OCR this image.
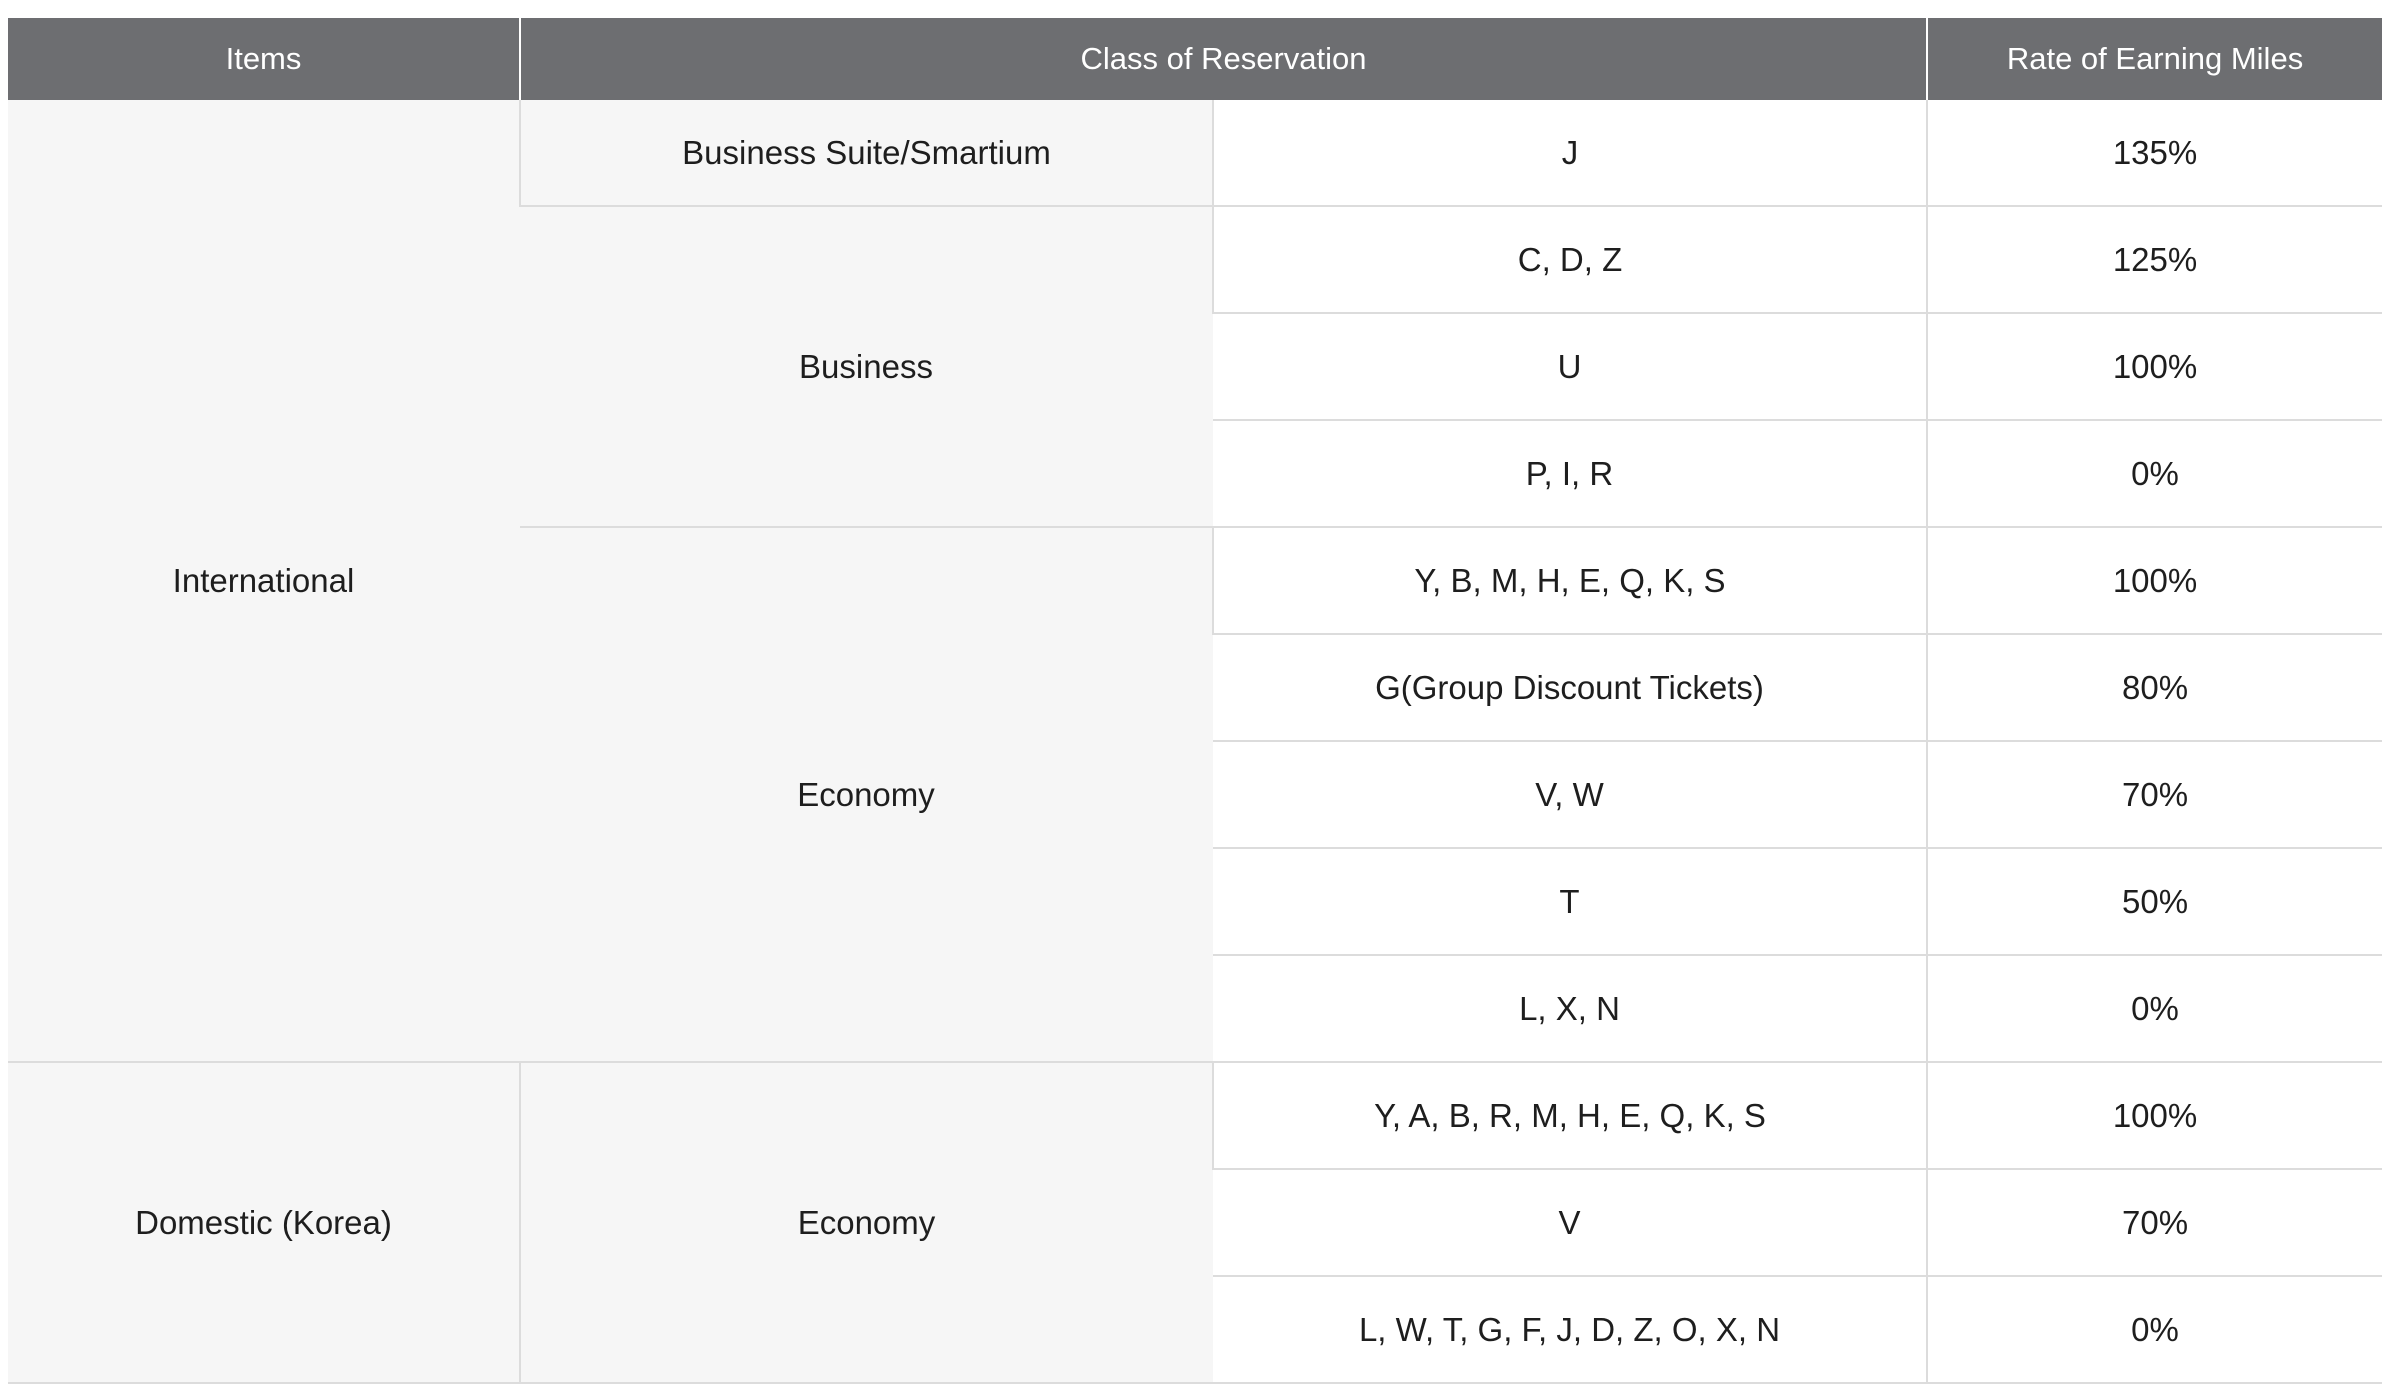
Items	Class of Reservation		Rate of Earning Miles
International	Business Suite/Smartium	J	135%
	Business	C, D, Z	125%
		U	100%
		P, I, R	0%
	Economy	Y, B, M, H, E, Q, K, S	100%
		G(Group Discount Tickets)	80%
		V, W	70%
		T	50%
		L, X, N	0%
Domestic (Korea)	Economy	Y, A, B, R, M, H, E, Q, K, S	100%
		V	70%
		L, W, T, G, F, J, D, Z, O, X, N	0%
